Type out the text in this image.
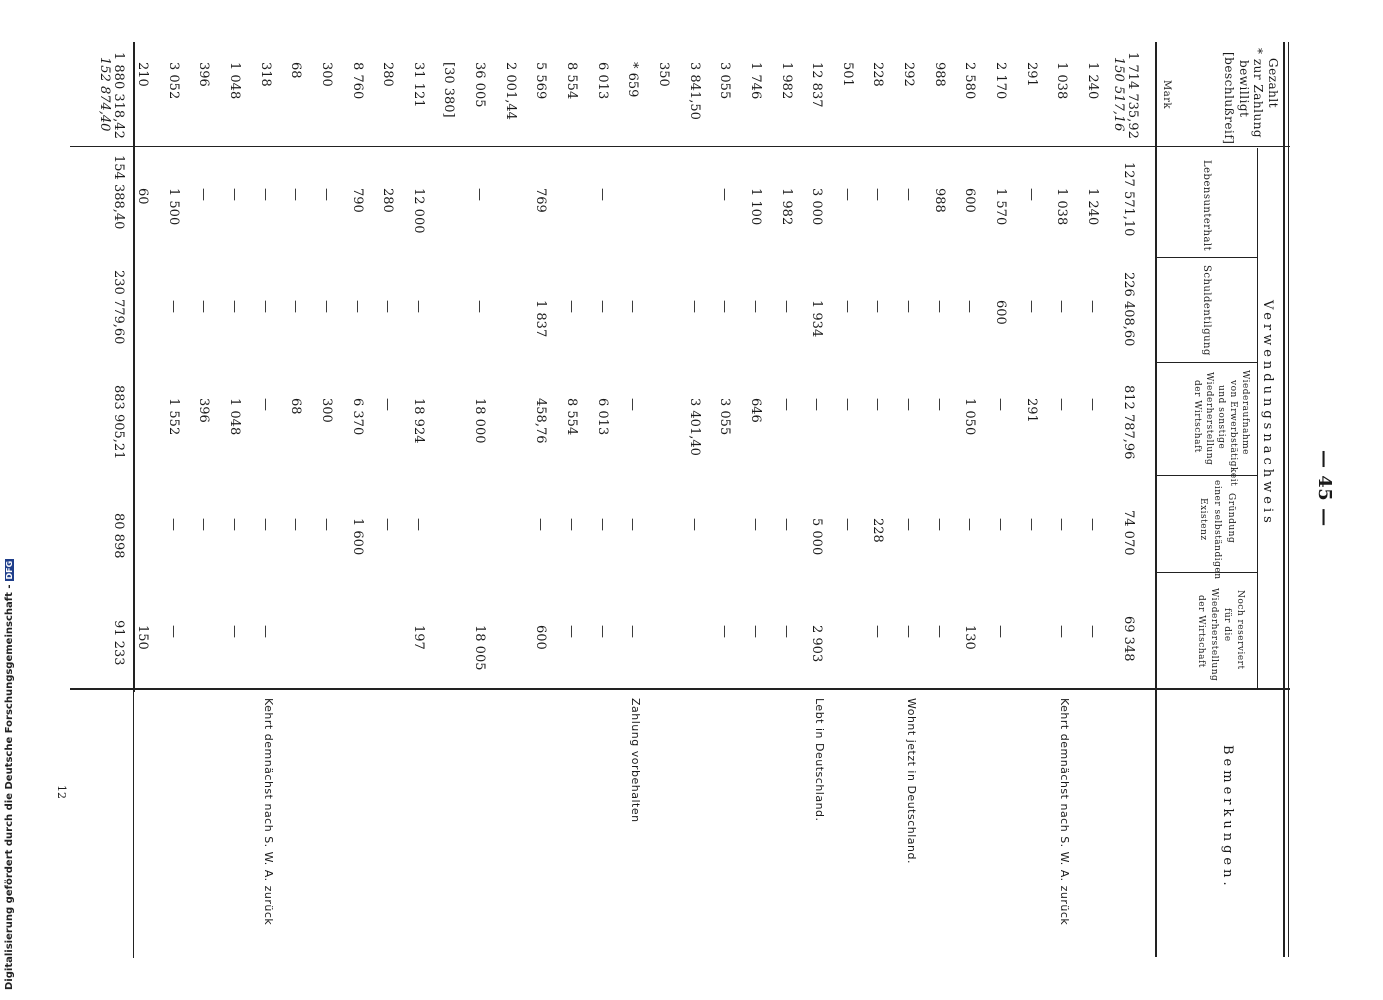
— 45 —
Gezahlt
* zur Zahlung
bewilligt
[beschlußreif]
Mark
Verwendungsnachweis
Lebensunterhalt
Schuldentilgung
Wiederaufnahme
von Erwerbstätigkeit
und sonstige
Wiederherstellung
der Wirtschaft
Gründung
einer selbständigen
Existenz
Noch reserviert
für die
Wiederherstellung
der Wirtschaft
Bemerkungen.
1 714 735,92
150 517,16
127 571,10
226 408,60
812 787,96
74 070
69 348
1 240
1 240
—
—
—
—
1 038
1 038
—
—
—
—
Kehrt demnächst nach S. W. A. zurück
291
—
—
291
—
2 170
1 570
600
—
—
—
2 580
600
—
1 050
—
130
988
988
—
—
—
—
292
—
—
—
—
—
Wohnt jetzt in Deutschland.
228
—
—
—
228
—
501
—
—
—
—
12 837
3 000
1 934
—
5 000
2 903
Lebt in Deutschland.
1 982
1 982
—
—
—
—
1 746
1 100
—
646
—
—
3 055
—
—
3 055
—
3 841,50
—
3 401,40
—
350
* 659
—
—
—
—
Zahlung vorbehalten
6 013
—
—
6 013
—
—
8 554
—
8 554
—
—
5 569
769
1 837
458,76
—
600
2 001,44
36 005
—
—
18 000
18 005
[30 380]
31 121
12 000
—
18 924
—
197
280
280
—
—
—
8 760
790
—
6 370
1 600
300
—
—
300
—
68
—
—
68
—
318
—
—
—
—
—
Kehrt demnächst nach S. W. A. zurück
1 048
—
—
1 048
—
—
396
—
—
396
—
3 052
1 500
—
1 552
—
—
210
60
150
1 880 318,42
152 874,40
154 388,40
230 779,60
883 905,21
80 898
91 233
12
Digitalisierung gefördert durch die Deutsche Forschungsgemeinschaft -DFG
